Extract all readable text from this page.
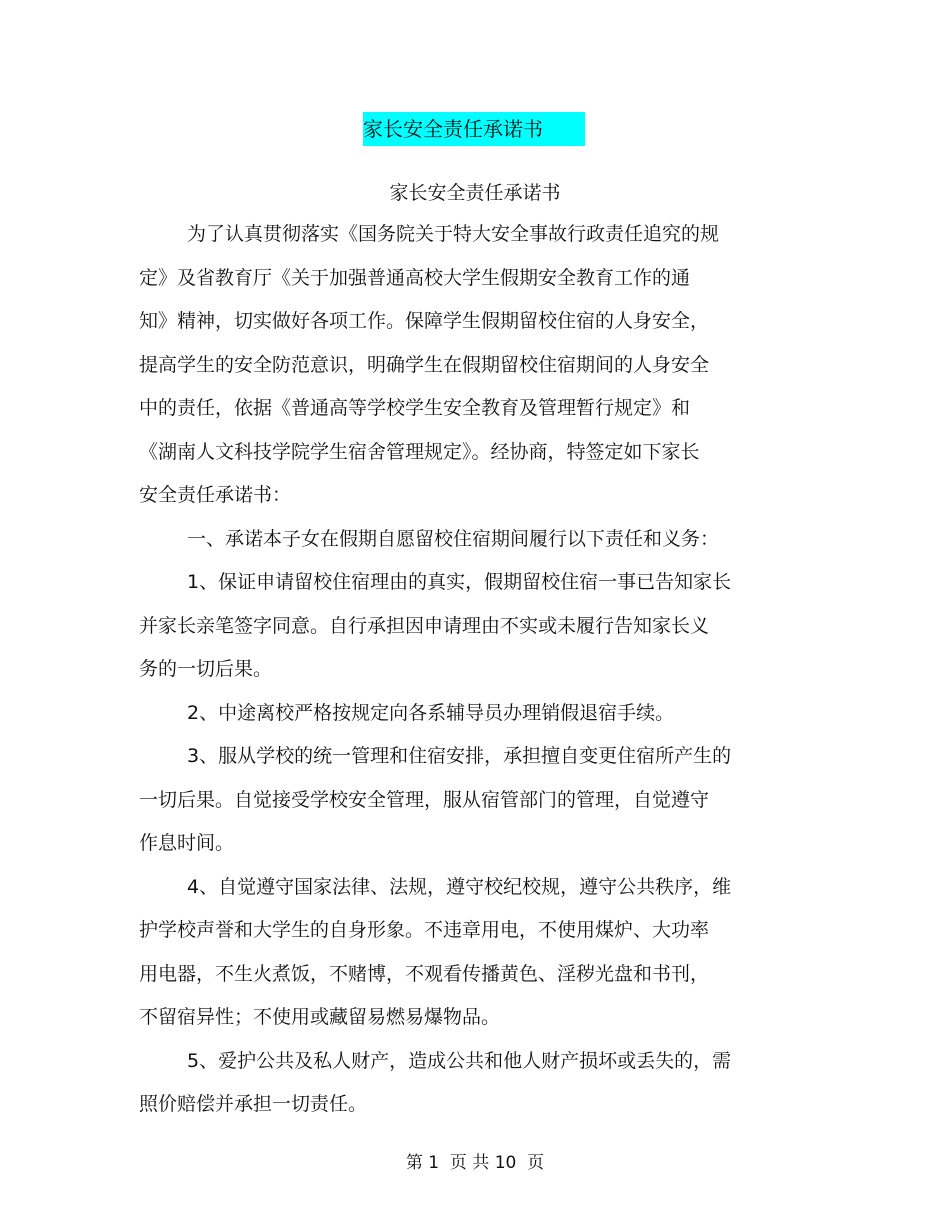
家长安全责任承诺书
家长安全责任承诺书
为了认真贯彻落实《国务院关于特大安全事故行政责任追究的规
定》及省教育厅《关于加强普通高校大学生假期安全教育工作的通
知》精神，切实做好各项工作。保障学生假期留校住宿的人身安全，
提高学生的安全防范意识，明确学生在假期留校住宿期间的人身安全
中的责任，依据《普通高等学校学生安全教育及管理暂行规定》和
《湖南人文科技学院学生宿舍管理规定》。经协商，特签定如下家长
安全责任承诺书：
一、承诺本子女在假期自愿留校住宿期间履行以下责任和义务：
1、保证申请留校住宿理由的真实，假期留校住宿一事已告知家长
并家长亲笔签字同意。自行承担因申请理由不实或未履行告知家长义
务的一切后果。
2、中途离校严格按规定向各系辅导员办理销假退宿手续。
3、服从学校的统一管理和住宿安排，承担擅自变更住宿所产生的
一切后果。自觉接受学校安全管理，服从宿管部门的管理，自觉遵守
作息时间。
4、自觉遵守国家法律、法规，遵守校纪校规，遵守公共秩序，维
护学校声誉和大学生的自身形象。不违章用电，不使用煤炉、大功率
用电器，不生火煮饭，不赌博，不观看传播黄色、淫秽光盘和书刊，
不留宿异性；不使用或藏留易燃易爆物品。
5、爱护公共及私人财产，造成公共和他人财产损坏或丢失的，需
照价赔偿并承担一切责任。
第 1  页 共 10  页
